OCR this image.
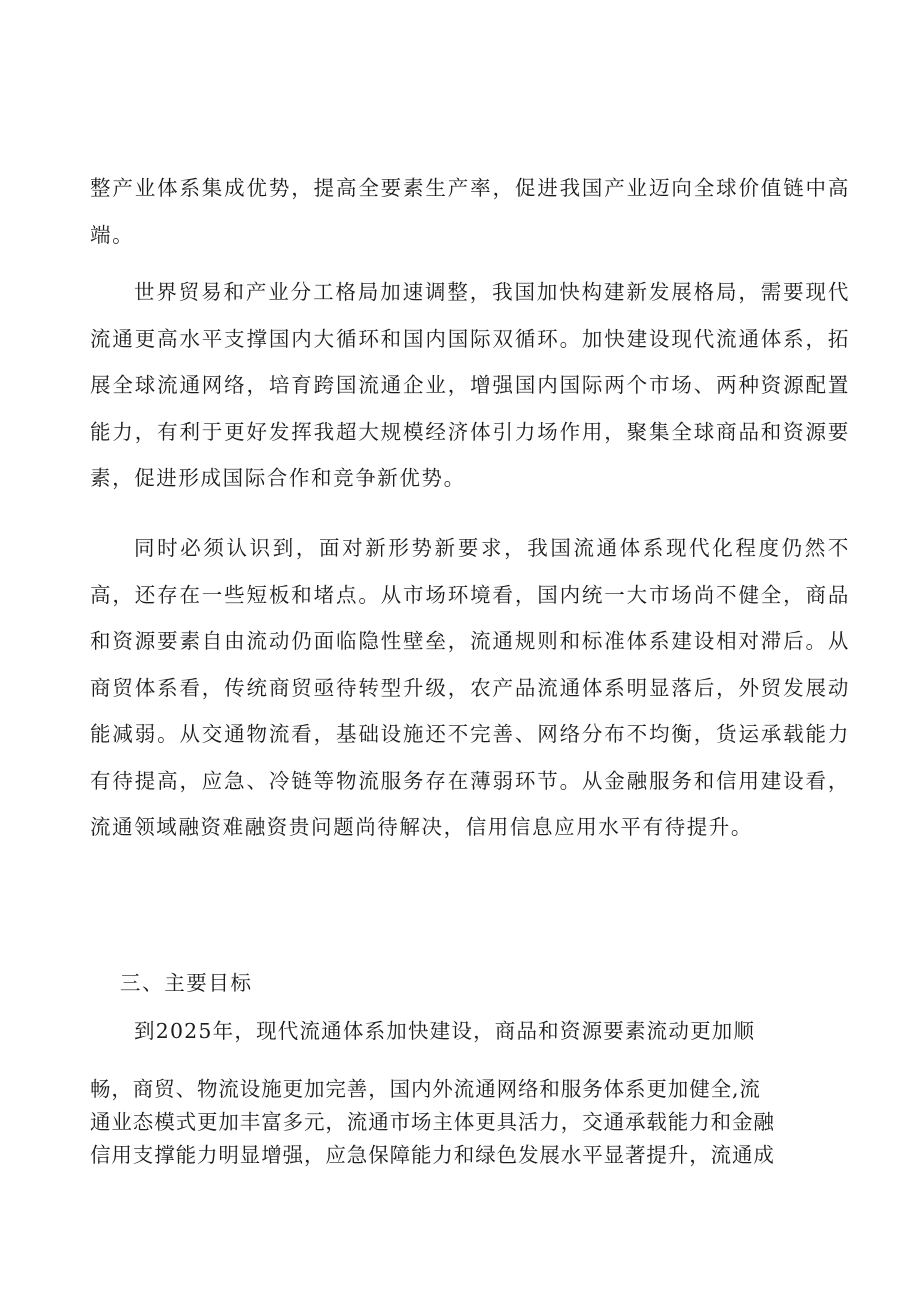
整产业体系集成优势，提高全要素生产率，促进我国产业迈向全球价值链中高端。

世界贸易和产业分工格局加速调整，我国加快构建新发展格局，需要现代流通更高水平支撑国内大循环和国内国际双循环。加快建设现代流通体系，拓展全球流通网络，培育跨国流通企业，增强国内国际两个市场、两种资源配置能力，有利于更好发挥我超大规模经济体引力场作用，聚集全球商品和资源要素，促进形成国际合作和竞争新优势。

同时必须认识到，面对新形势新要求，我国流通体系现代化程度仍然不高，还存在一些短板和堵点。从市场环境看，国内统一大市场尚不健全，商品和资源要素自由流动仍面临隐性壁垒，流通规则和标准体系建设相对滞后。从商贸体系看，传统商贸亟待转型升级，农产品流通体系明显落后，外贸发展动能减弱。从交通物流看，基础设施还不完善、网络分布不均衡，货运承载能力有待提高，应急、冷链等物流服务存在薄弱环节。从金融服务和信用建设看，流通领域融资难融资贵问题尚待解决，信用信息应用水平有待提升。

三、主要目标

到2025年，现代流通体系加快建设，商品和资源要素流动更加顺

畅，商贸、物流设施更加完善，国内外流通网络和服务体系更加健全,流
通业态模式更加丰富多元，流通市场主体更具活力，交通承载能力和金融
信用支撑能力明显增强，应急保障能力和绿色发展水平显著提升，流通成
